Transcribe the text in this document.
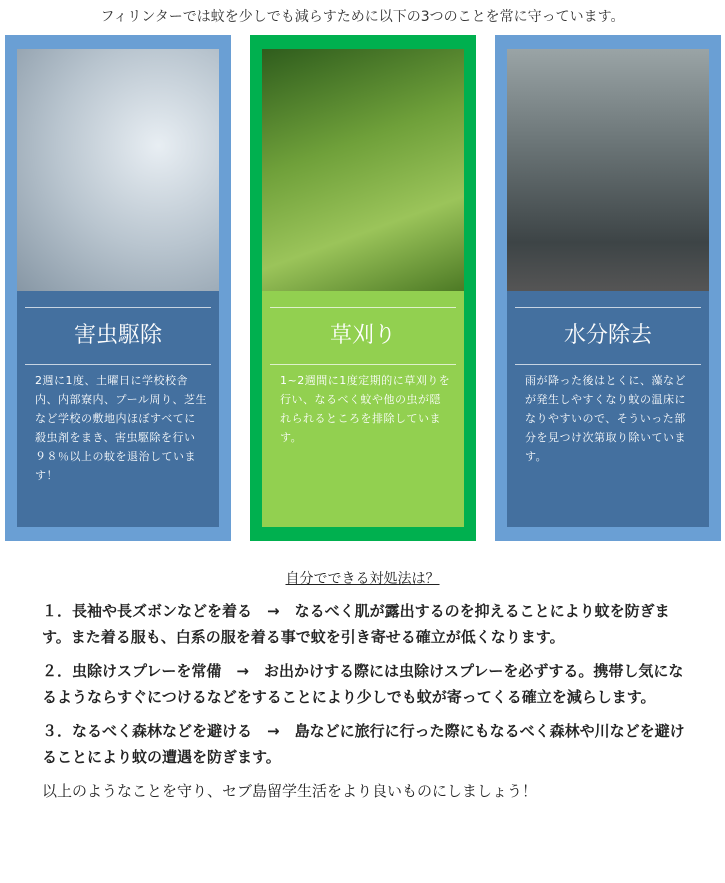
フィリンターでは蚊を少しでも減らすために以下の3つのことを常に守っています。
害虫駆除
2週に1度、土曜日に学校校舎内、内部寮内、プール周り、芝生など学校の敷地内ほぼすべてに殺虫剤をまき、害虫駆除を行い９８％以上の蚊を退治しています！
草刈り
1~2週間に1度定期的に草刈りを行い、なるべく蚊や他の虫が隠れられるところを排除しています。
水分除去
雨が降った後はとくに、藻などが発生しやすくなり蚊の温床になりやすいので、そういった部分を見つけ次第取り除いています。
自分でできる対処法は？

１．長袖や長ズボンなどを着る　→　なるべく肌が露出するのを抑えることにより蚊を防ぎます。また着る服も、白系の服を着る事で蚊を引き寄せる確立が低くなります。

２．虫除けスプレーを常備　→　お出かけする際には虫除けスプレーを必ずする。携帯し気になるようならすぐにつけるなどをすることにより少しでも蚊が寄ってくる確立を減らします。

３．なるべく森林などを避ける　→　島などに旅行に行った際にもなるべく森林や川などを避けることにより蚊の遭遇を防ぎます。

以上のようなことを守り、セブ島留学生活をより良いものにしましょう！
